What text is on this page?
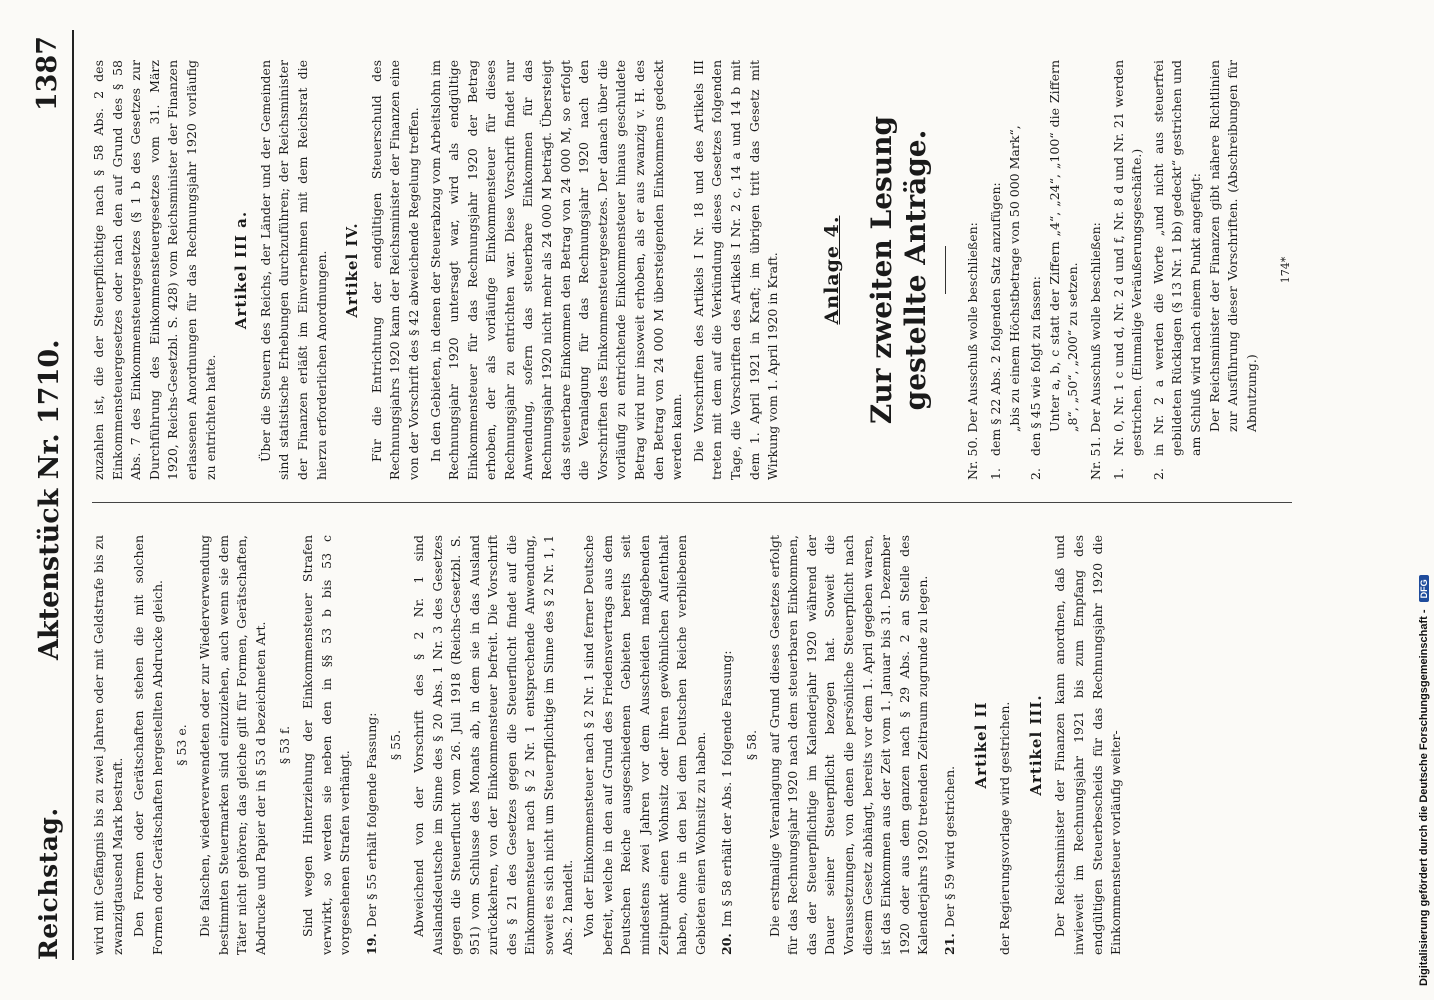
Reichstag.
Aktenstück Nr. 1710.
1387

wird mit Gefängnis bis zu zwei Jahren oder mit Geldstrafe bis zu zwanzigtausend Mark bestraft. Den Formen oder Gerätschaften stehen die mit solchen Formen oder Gerätschaften hergestellten Abdrucke gleich. § 53 e. Die falschen, wiederverwendeten oder zur Wiederverwendung bestimmten Steuermarken sind einzuziehen, auch wenn sie dem Täter nicht gehören; das gleiche gilt für Formen, Gerätschaften, Abdrucke und Papier der in § 53 d bezeichneten Art. § 53 f. Sind wegen Hinterziehung der Einkommensteuer Strafen verwirkt, so werden sie neben den in §§ 53 b bis 53 c vorgesehenen Strafen verhängt. 19.Der § 55 erhält folgende Fassung: § 55. Abweichend von der Vorschrift des § 2 Nr. 1 sind Auslandsdeutsche im Sinne des § 20 Abs. 1 Nr. 3 des Gesetzes gegen die Steuerflucht vom 26. Juli 1918 (Reichs-Gesetzbl. S. 951) vom Schlusse des Monats ab, in dem sie in das Ausland zurückkehren, von der Einkommensteuer befreit. Die Vorschrift des § 21 des Gesetzes gegen die Steuerflucht findet auf die Einkommensteuer nach § 2 Nr. 1 entsprechende Anwendung, soweit es sich nicht um Steuerpflichtige im Sinne des § 2 Nr. 1, 1 Abs. 2 handelt. Von der Einkommensteuer nach § 2 Nr. 1 sind ferner Deutsche befreit, welche in den auf Grund des Friedensvertrags aus dem Deutschen Reiche ausgeschiedenen Gebieten bereits seit mindestens zwei Jahren vor dem Ausscheiden maßgebenden Zeitpunkt einen Wohnsitz oder ihren gewöhnlichen Aufenthalt haben, ohne in den bei dem Deutschen Reiche verbliebenen Gebieten einen Wohnsitz zu haben. 20.Im § 58 erhält der Abs. 1 folgende Fassung: § 58. Die erstmalige Veranlagung auf Grund dieses Gesetzes erfolgt für das Rechnungsjahr 1920 nach dem steuerbaren Einkommen, das der Steuerpflichtige im Kalenderjahr 1920 während der Dauer seiner Steuerpflicht bezogen hat. Soweit die Voraussetzungen, von denen die persönliche Steuerpflicht nach diesem Gesetz abhängt, bereits vor dem 1. April gegeben waren, ist das Einkommen aus der Zeit vom 1. Januar bis 31. Dezember 1920 oder aus dem ganzen nach § 29 Abs. 2 an Stelle des Kalenderjahrs 1920 tretenden Zeitraum zugrunde zu legen. 21.Der § 59 wird gestrichen.

Artikel II der Regierungsvorlage wird gestrichen. Artikel III. Der Reichsminister der Finanzen kann anordnen, daß und inwieweit im Rechnungsjahr 1921 bis zum Empfang des endgültigen Steuerbescheids für das Rechnungsjahr 1920 die Einkommensteuer vorläufig weiter-

zuzahlen ist, die der Steuerpflichtige nach § 58 Abs. 2 des Einkommensteuergesetzes oder nach den auf Grund des § 58 Abs. 7 des Einkommensteuergesetzes (§ 1 b des Gesetzes zur Durchführung des Einkommensteuergesetzes vom 31. März 1920, Reichs-Gesetzbl. S. 428) vom Reichsminister der Finanzen erlassenen Anordnungen für das Rechnungsjahr 1920 vorläufig zu entrichten hatte.

Artikel III a. Über die Steuern des Reichs, der Länder und der Gemeinden sind statistische Erhebungen durchzuführen; der Reichsminister der Finanzen erläßt im Einvernehmen mit dem Reichsrat die hierzu erforderlichen Anordnungen. Artikel IV. Für die Entrichtung der endgültigen Steuerschuld des Rechnungsjahrs 1920 kann der Reichsminister der Finanzen eine von der Vorschrift des § 42 abweichende Regelung treffen. In den Gebieten, in denen der Steuerabzug vom Arbeitslohn im Rechnungsjahr 1920 untersagt war, wird als endgültige Einkommensteuer für das Rechnungsjahr 1920 der Betrag erhoben, der als vorläufige Einkommensteuer für dieses Rechnungsjahr zu entrichten war. Diese Vorschrift findet nur Anwendung, sofern das steuerbare Einkommen für das Rechnungsjahr 1920 nicht mehr als 24 000 M beträgt. Übersteigt das steuerbare Einkommen den Betrag von 24 000 M, so erfolgt die Veranlagung für das Rechnungsjahr 1920 nach den Vorschriften des Einkommensteuergesetzes. Der danach über die vorläufig zu entrichtende Einkommensteuer hinaus geschuldete Betrag wird nur insoweit erhoben, als er aus zwanzig v. H. des den Betrag von 24 000 M übersteigenden Einkommens gedeckt werden kann. Die Vorschriften des Artikels I Nr. 18 und des Artikels III treten mit dem auf die Verkündung dieses Gesetzes folgenden Tage, die Vorschriften des Artikels I Nr. 2 c, 14 a und 14 b mit dem 1. April 1921 in Kraft; im übrigen tritt das Gesetz mit Wirkung vom 1. April 1920 in Kraft. Anlage 4. Zur zweiten Lesung gestellte Anträge.	Nr. 50. Der Ausschuß wolle beschließen: 1.
dem § 22 Abs. 2 folgenden Satz anzufügen: „bis zu einem Höchstbetrage von 50 000 Mark“,
2.
den § 45 wie folgt zu fassen: Unter a, b, c statt der Ziffern „4“, „24“, „100“ die Ziffern „8“, „50“, „200“ zu setzen. Nr. 51. Der Ausschuß wolle beschließen: 1.
Nr. 0, Nr. 1 c und d, Nr. 2 d und f, Nr. 8 d und Nr. 21 werden gestrichen. (Einmalige Veräußerungsgeschäfte.)
2.
in Nr. 2 a werden die Worte „und nicht aus steuerfrei gebildeten Rücklagen (§ 13 Nr. 1 bb) gedeckt“ gestrichen und am Schluß wird nach einem Punkt angefügt: Der Reichsminister der Finanzen gibt nähere Richtlinien zur Ausführung dieser Vorschriften. (Abschreibungen für Abnutzung.)

174*

Digitalisierung gefördert durch die Deutsche Forschungsgemeinschaft - DFG
